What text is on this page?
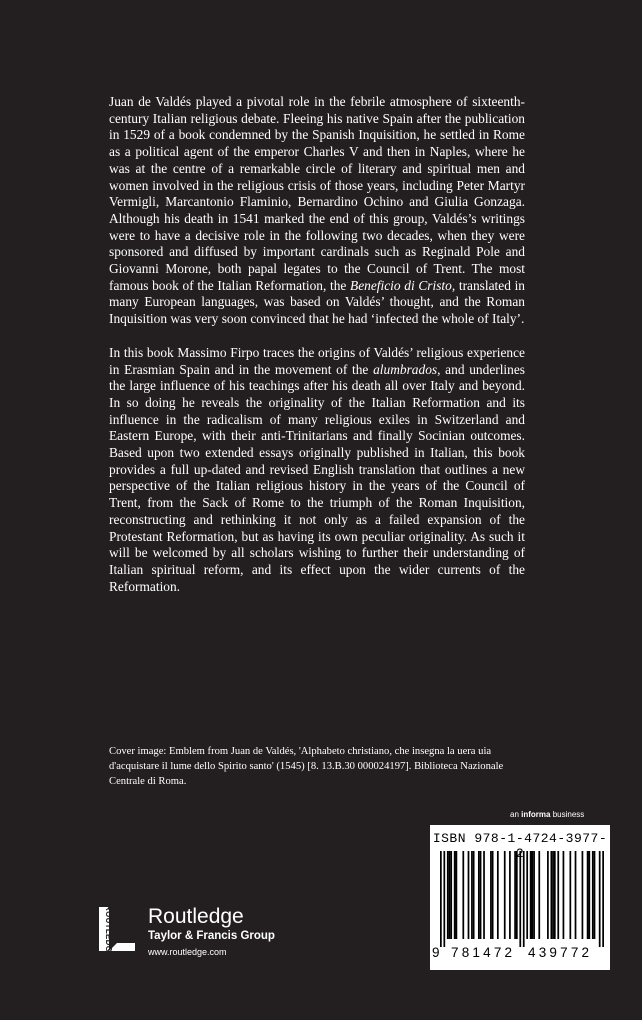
Juan de Valdés played a pivotal role in the febrile atmosphere of sixteenth-century Italian religious debate. Fleeing his native Spain after the publication in 1529 of a book condemned by the Spanish Inquisition, he settled in Rome as a political agent of the emperor Charles V and then in Naples, where he was at the centre of a remarkable circle of literary and spiritual men and women involved in the religious crisis of those years, including Peter Martyr Vermigli, Marcantonio Flaminio, Bernardino Ochino and Giulia Gonzaga. Although his death in 1541 marked the end of this group, Valdés’s writings were to have a decisive role in the following two decades, when they were sponsored and diffused by important cardinals such as Reginald Pole and Giovanni Morone, both papal legates to the Council of Trent. The most famous book of the Italian Reformation, the Beneficio di Cristo, translated in many European languages, was based on Valdés’ thought, and the Roman Inquisition was very soon convinced that he had ‘infected the whole of Italy’.

In this book Massimo Firpo traces the origins of Valdés’ religious experience in Erasmian Spain and in the movement of the alumbrados, and underlines the large influence of his teachings after his death all over Italy and beyond. In so doing he reveals the originality of the Italian Reformation and its influence in the radicalism of many religious exiles in Switzerland and Eastern Europe, with their anti-Trinitarians and finally Socinian outcomes. Based upon two extended essays originally published in Italian, this book provides a full up-dated and revised English translation that outlines a new perspective of the Italian religious history in the years of the Council of Trent, from the Sack of Rome to the triumph of the Roman Inquisition, reconstructing and rethinking it not only as a failed expansion of the Protestant Reformation, but as having its own peculiar originality. As such it will be welcomed by all scholars wishing to further their understanding of Italian spiritual reform, and its effect upon the wider currents of the Reformation.

Cover image: Emblem from Juan de Valdés, 'Alphabeto christiano, che insegna la uera uia d'acquistare il lume dello Spirito santo' (1545) [8. 13.B.30 000024197]. Biblioteca Nazionale Centrale di Roma.
an informa business
ISBN 978-1-4724-3977-
9 781472 439772
ROUTLEDGE Routledge
Taylor & Francis Group
www.routledge.com
